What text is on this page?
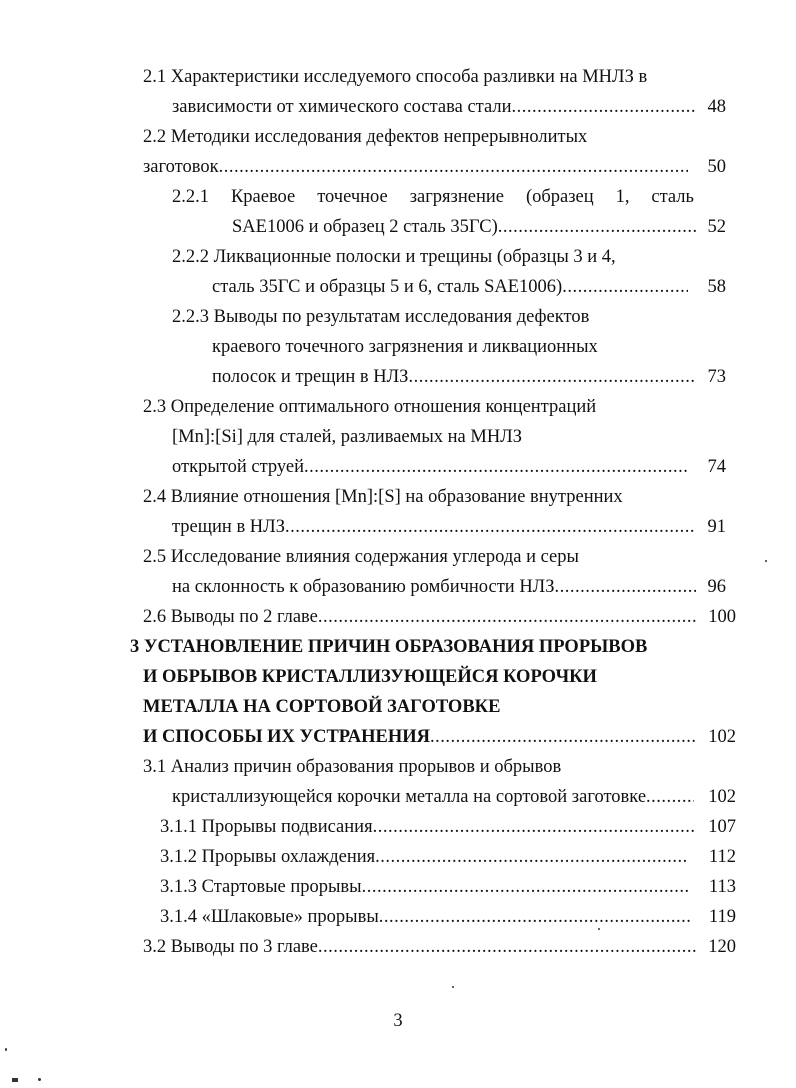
2.1 Характеристики исследуемого способа разливки на МНЛЗ в
зависимости от химического состава стали .....	48
2.2 Методики исследования дефектов непрерывнолитых
заготовок .....	50
2.2.1 Краевое точечное загрязнение (образец 1, сталь
SAE1006 и образец 2 сталь 35ГС) .....	52
2.2.2 Ликвационные полоски и трещины (образцы 3 и 4,
сталь 35ГС и образцы 5 и 6, сталь SAE1006) .....	58
2.2.3 Выводы по результатам исследования дефектов
краевого точечного загрязнения и ликвационных
полосок и трещин в НЛЗ .....	73
2.3 Определение оптимального отношения концентраций
[Mn]:[Si] для сталей, разливаемых на МНЛЗ
открытой струей .....	74
2.4 Влияние отношения [Mn]:[S] на образование внутренних
трещин в НЛЗ .....	91
2.5 Исследование влияния содержания углерода и серы
на склонность к образованию ромбичности НЛЗ .....	96
2.6 Выводы по 2 главе .....	100
3 УСТАНОВЛЕНИЕ ПРИЧИН ОБРАЗОВАНИЯ ПРОРЫВОВ
И ОБРЫВОВ КРИСТАЛЛИЗУЮЩЕЙСЯ КОРОЧКИ
МЕТАЛЛА НА СОРТОВОЙ ЗАГОТОВКЕ
И СПОСОБЫ ИХ УСТРАНЕНИЯ .....	102
3.1 Анализ причин образования прорывов и обрывов
кристаллизующейся корочки металла на сортовой заготовке .....	102
3.1.1 Прорывы подвисания .....	107
3.1.2 Прорывы охлаждения .....	112
3.1.3 Стартовые прорывы .....	113
3.1.4 «Шлаковые» прорывы .....	119
3.2 Выводы по 3 главе .....	120
3
